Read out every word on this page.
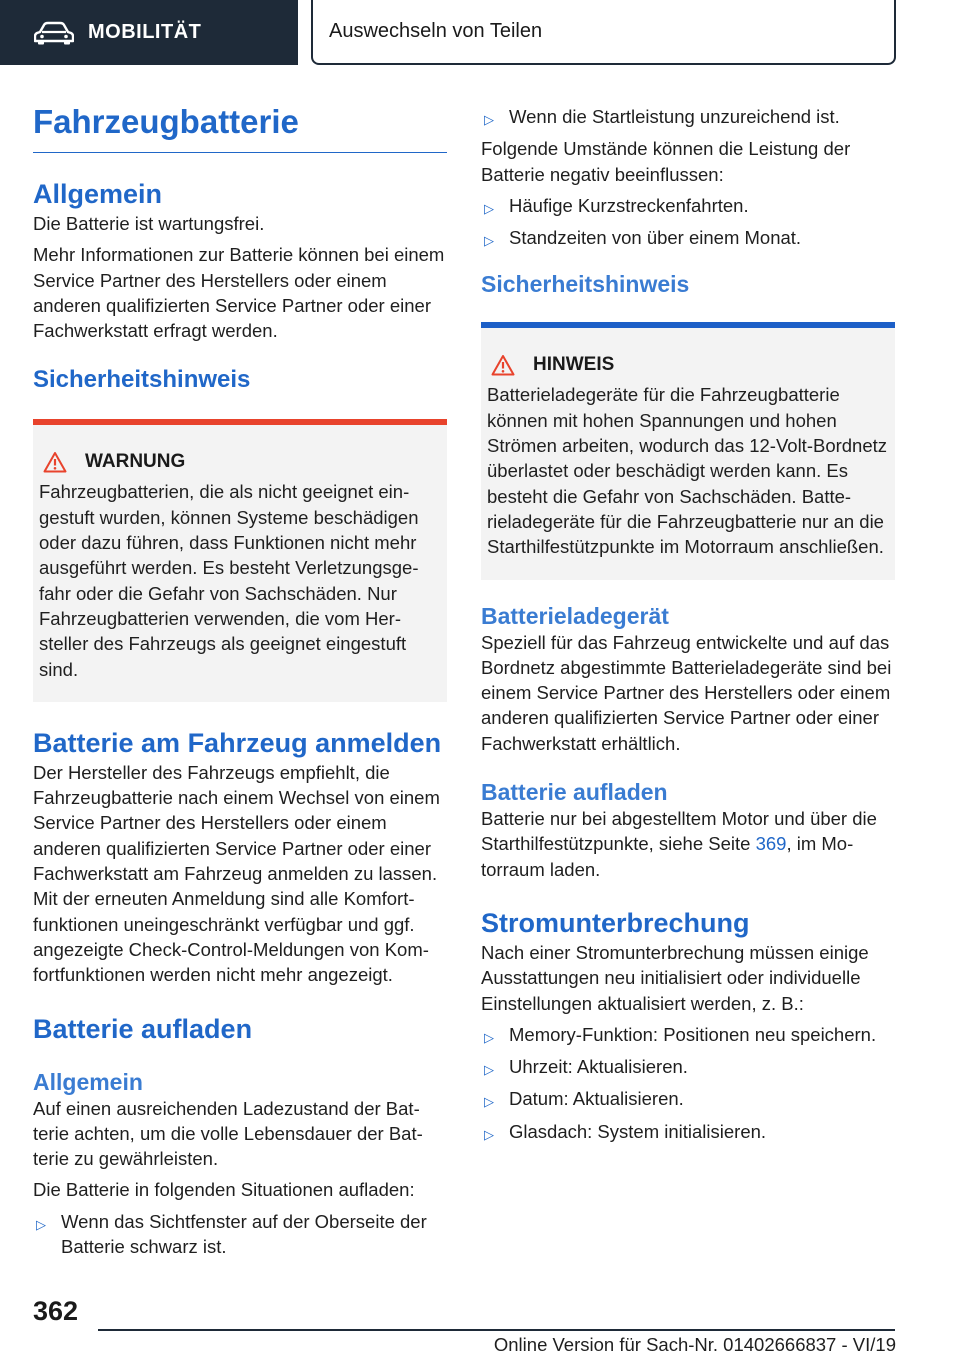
MOBILITÄT	Auswechseln von Teilen
Fahrzeugbatterie
Allgemein
Die Batterie ist wartungsfrei.
Mehr Informationen zur Batterie können bei einem Service Partner des Herstellers oder einem anderen qualifizierten Service Partner oder einer Fachwerkstatt erfragt werden.
Sicherheitshinweis
WARNUNG
Fahrzeugbatterien, die als nicht geeignet eingestuft wurden, können Systeme beschädigen oder dazu führen, dass Funktionen nicht mehr ausgeführt werden. Es besteht Verletzungsgefahr oder die Gefahr von Sachschäden. Nur Fahrzeugbatterien verwenden, die vom Hersteller des Fahrzeugs als geeignet eingestuft sind.
Batterie am Fahrzeug anmelden
Der Hersteller des Fahrzeugs empfiehlt, die Fahrzeugbatterie nach einem Wechsel von einem Service Partner des Herstellers oder einem anderen qualifizierten Service Partner oder einer Fachwerkstatt am Fahrzeug anmelden zu lassen. Mit der erneuten Anmeldung sind alle Komfortfunktionen uneingeschränkt verfügbar und ggf. angezeigte Check-Control-Meldungen von Komfortfunktionen werden nicht mehr angezeigt.
Batterie aufladen
Allgemein
Auf einen ausreichenden Ladezustand der Batterie achten, um die volle Lebensdauer der Batterie zu gewährleisten.
Die Batterie in folgenden Situationen aufladen:
▷ Wenn das Sichtfenster auf der Oberseite der Batterie schwarz ist.
▷ Wenn die Startleistung unzureichend ist.
Folgende Umstände können die Leistung der Batterie negativ beeinflussen:
▷ Häufige Kurzstreckenfahrten.
▷ Standzeiten von über einem Monat.
Sicherheitshinweis
HINWEIS
Batterieladegeräte für die Fahrzeugbatterie können mit hohen Spannungen und hohen Strömen arbeiten, wodurch das 12-Volt-Bordnetz überlastet oder beschädigt werden kann. Es besteht die Gefahr von Sachschäden. Batterieladegeräte für die Fahrzeugbatterie nur an die Starthilfestützpunkte im Motorraum anschließen.
Batterieladegerät
Speziell für das Fahrzeug entwickelte und auf das Bordnetz abgestimmte Batterieladegeräte sind bei einem Service Partner des Herstellers oder einem anderen qualifizierten Service Partner oder einer Fachwerkstatt erhältlich.
Batterie aufladen
Batterie nur bei abgestelltem Motor und über die Starthilfestützpunkte, siehe Seite 369, im Motorraum laden.
Stromunterbrechung
Nach einer Stromunterbrechung müssen einige Ausstattungen neu initialisiert oder individuelle Einstellungen aktualisiert werden, z. B.:
▷ Memory-Funktion: Positionen neu speichern.
▷ Uhrzeit: Aktualisieren.
▷ Datum: Aktualisieren.
▷ Glasdach: System initialisieren.
362
Online Version für Sach-Nr. 01402666837 - VI/19
